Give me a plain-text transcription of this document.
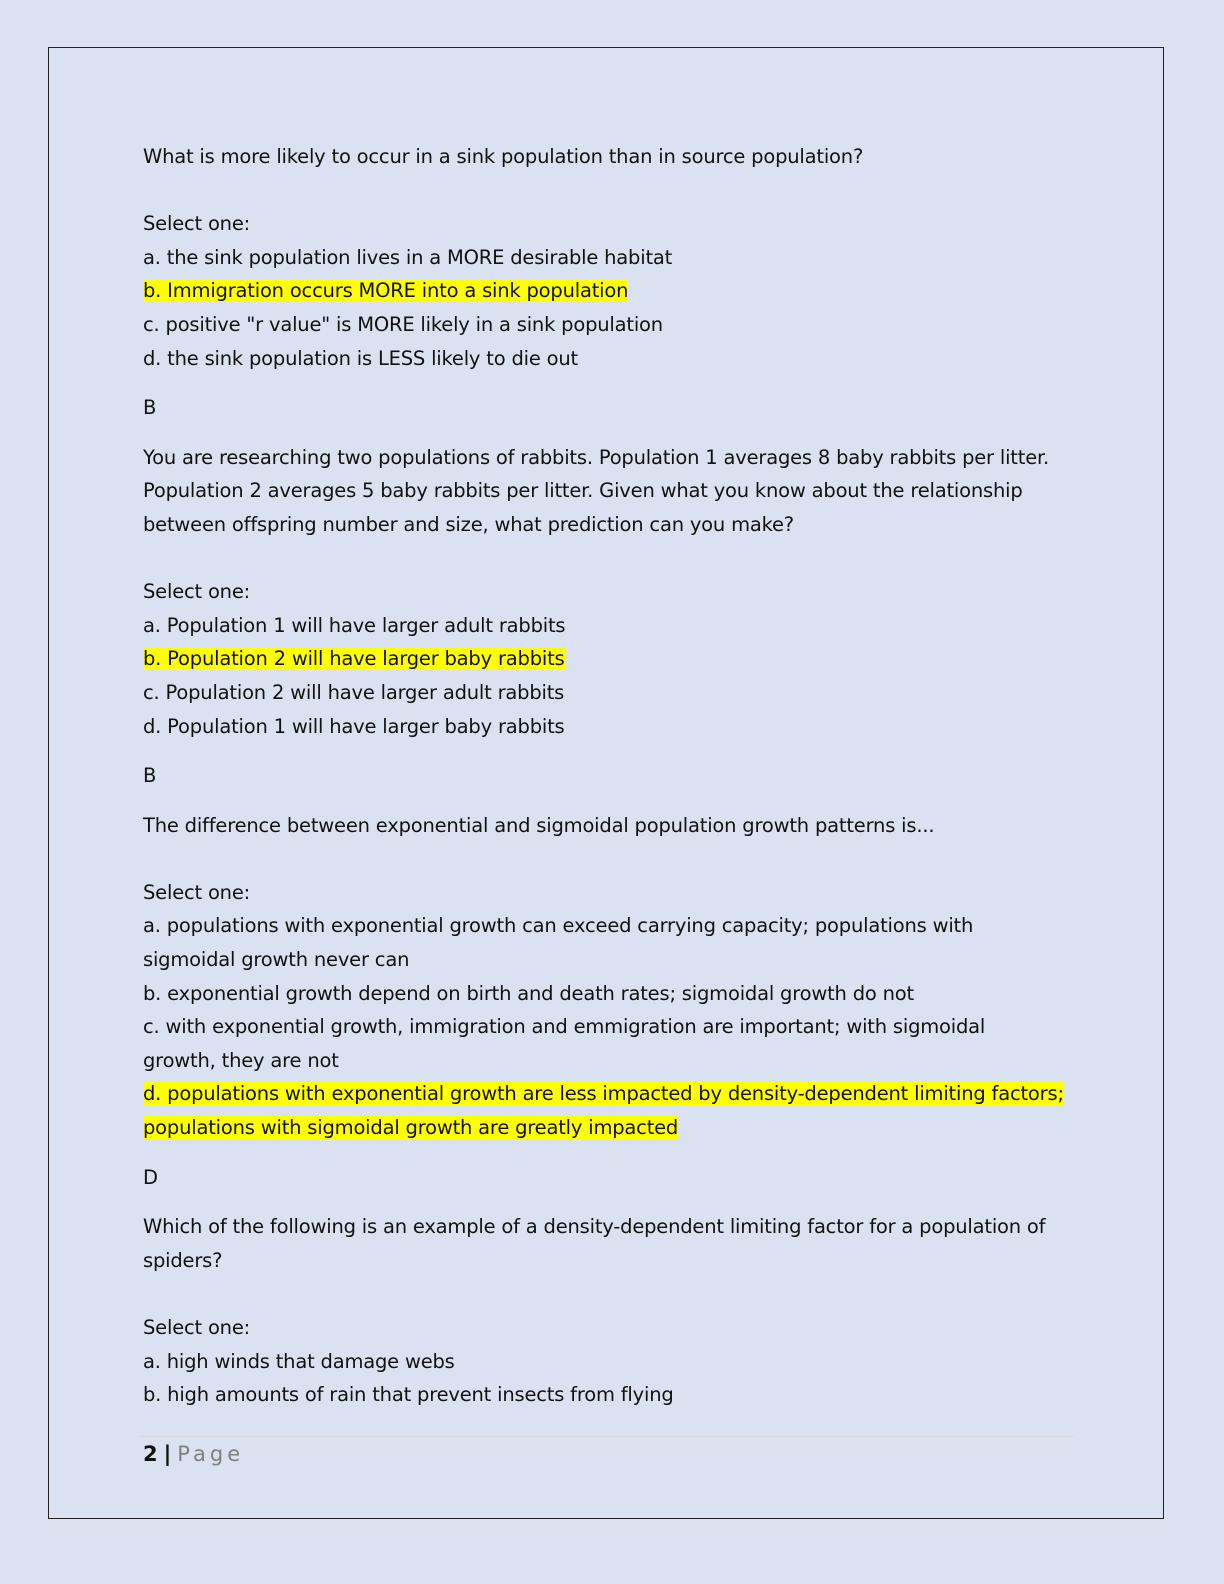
What is more likely to occur in a sink population than in source population?

Select one:

a. the sink population lives in a MORE desirable habitat

b. Immigration occurs MORE into a sink population

c. positive "r value" is MORE likely in a sink population

d. the sink population is LESS likely to die out

B

You are researching two populations of rabbits. Population 1 averages 8 baby rabbits per litter.

Population 2 averages 5 baby rabbits per litter. Given what you know about the relationship

between offspring number and size, what prediction can you make?

Select one:

a. Population 1 will have larger adult rabbits

b. Population 2 will have larger baby rabbits

c. Population 2 will have larger adult rabbits

d. Population 1 will have larger baby rabbits

B

The difference between exponential and sigmoidal population growth patterns is...

Select one:

a. populations with exponential growth can exceed carrying capacity; populations with

sigmoidal growth never can

b. exponential growth depend on birth and death rates; sigmoidal growth do not

c. with exponential growth, immigration and emmigration are important; with sigmoidal

growth, they are not

d. populations with exponential growth are less impacted by density-dependent limiting factors;

populations with sigmoidal growth are greatly impacted

D

Which of the following is an example of a density-dependent limiting factor for a population of

spiders?

Select one:

a. high winds that damage webs

b. high amounts of rain that prevent insects from flying

2 | Page
